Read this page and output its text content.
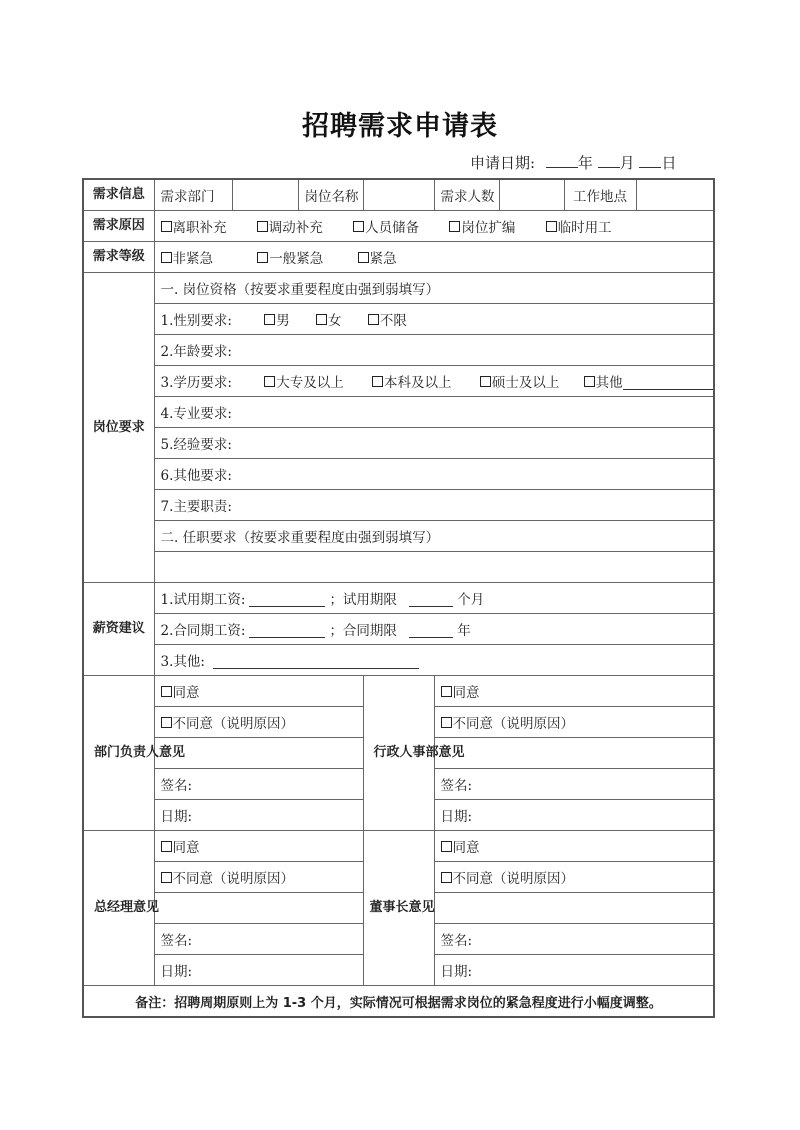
招聘需求申请表
申请日期:	年 月 日
需求信息	需求部门		岗位名称		需求人数		工作地点	
需求原因	离职补充 调动补充 人员储备 岗位扩编 临时用工							
需求等级	非紧急 一般紧急 紧急							
岗位要求	一. 岗位资格（按要求重要程度由强到弱填写）							
	1.性别要求: 男 女 不限							
	2.年龄要求:							
	3.学历要求: 大专及以上 本科及以上 硕士及以上 其他							
	4.专业要求:							
	5.经验要求:							
	6.其他要求:							
	7.主要职责:							
	二. 任职要求（按要求重要程度由强到弱填写）							

薪资建议	1.试用期工资: ；试用期限 个月							
	2.合同期工资: ；合同期限 年							
	3.其他:							
部门负责人意见	同意			行政人事部意见	同意			
	不同意（说明原因）				不同意（说明原因）			

	签名:				签名:			
	日期:				日期:			
总经理意见	同意			董事长意见	同意			
	不同意（说明原因）				不同意（说明原因）			

	签名:				签名:			
	日期:				日期:			
备注：招聘周期原则上为 1-3 个月，实际情况可根据需求岗位的紧急程度进行小幅度调整。								
